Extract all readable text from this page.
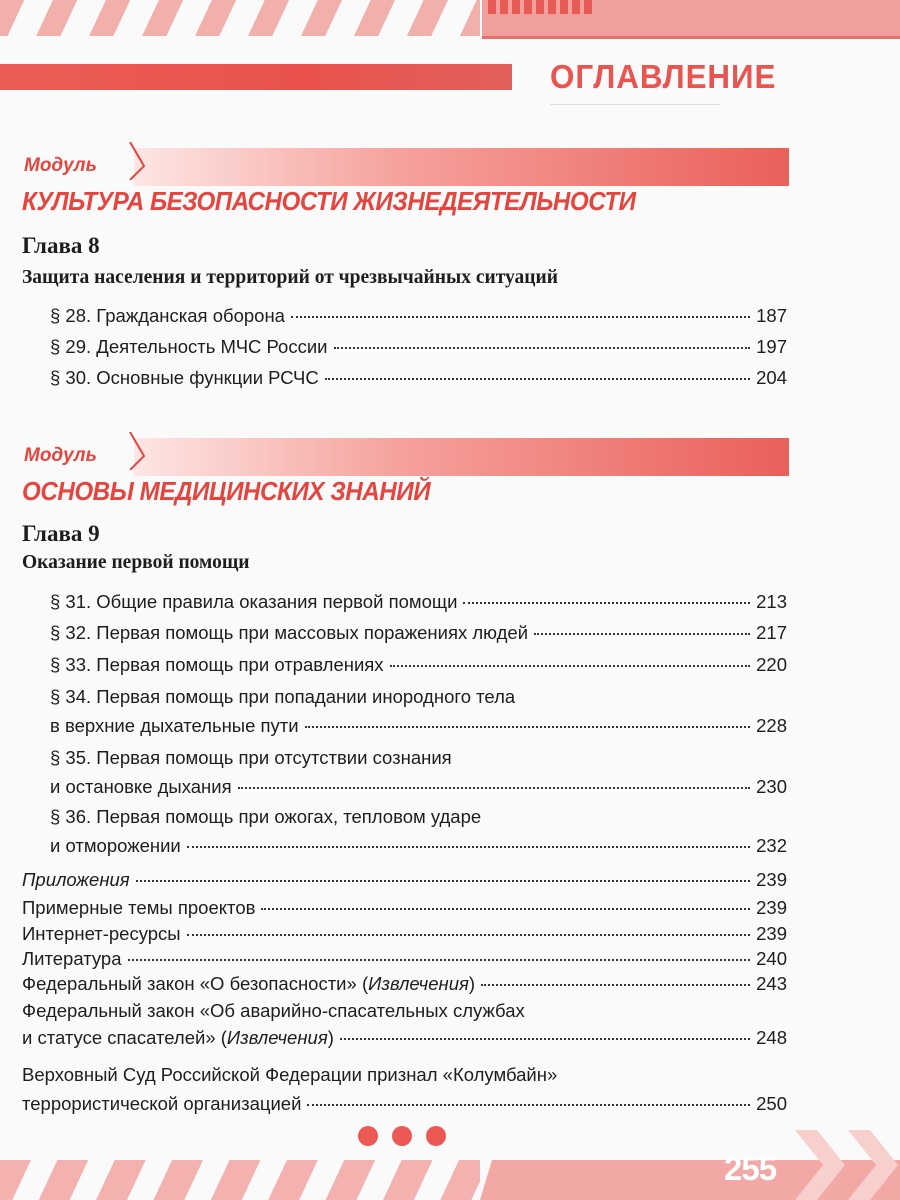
ОГЛАВЛЕНИЕ
Модуль
КУЛЬТУРА БЕЗОПАСНОСТИ ЖИЗНЕДЕЯТЕЛЬНОСТИ
Глава 8
Защита населения и территорий от чрезвычайных ситуаций
§ 28. Гражданская оборона	187
§ 29. Деятельность МЧС России	197
§ 30. Основные функции РСЧС	204
Модуль
ОСНОВЫ МЕДИЦИНСКИХ ЗНАНИЙ
Глава 9
Оказание первой помощи
§ 31. Общие правила оказания первой помощи	213
§ 32. Первая помощь при массовых поражениях людей	217
§ 33. Первая помощь при отравлениях	220
§ 34. Первая помощь при попадании инородного тела
в верхние дыхательные пути	228
§ 35. Первая помощь при отсутствии сознания
и остановке дыхания	230
§ 36. Первая помощь при ожогах, тепловом ударе
и отморожении	232
Приложения	239
Примерные темы проектов	239
Интернет-ресурсы	239
Литература	240
Федеральный закон «О безопасности» (Извлечения)	243
Федеральный закон «Об аварийно-спасательных службах
и статусе спасателей» (Извлечения)	248
Верховный Суд Российской Федерации признал «Колумбайн»
террористической организацией	250
255
